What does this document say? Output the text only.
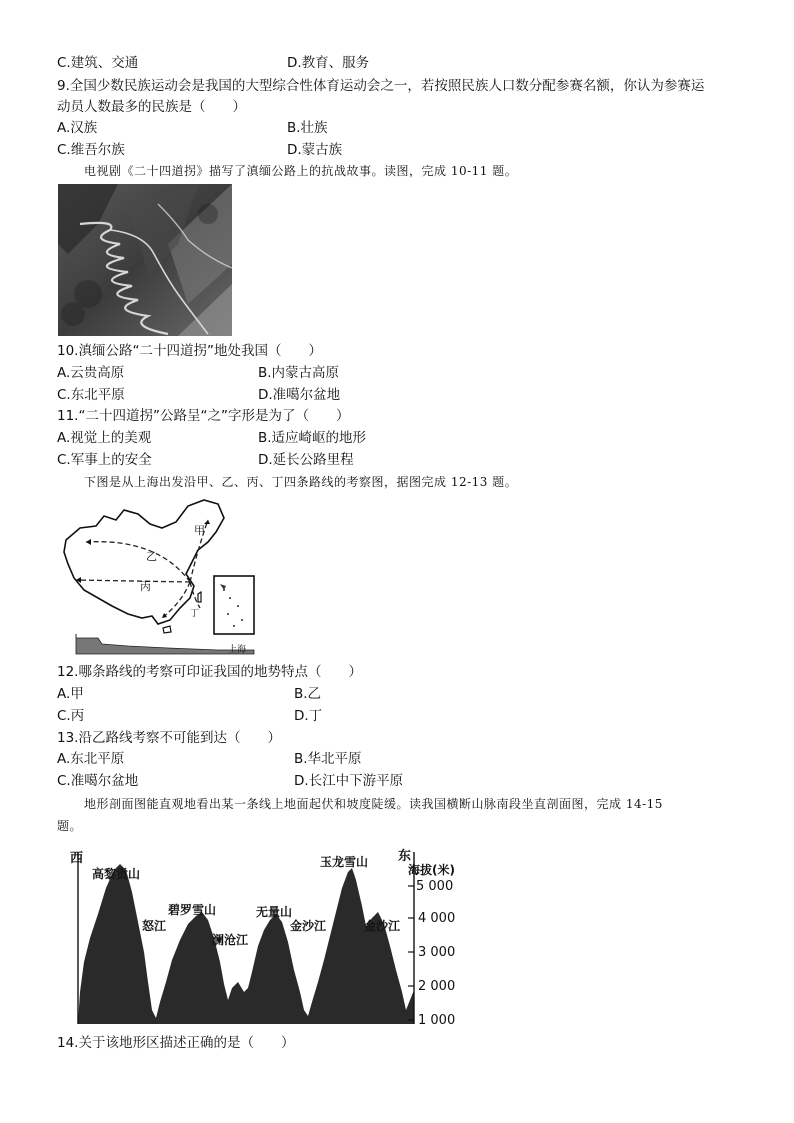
C.建筑、交通	D.教育、服务
9.全国少数民族运动会是我国的大型综合性体育运动会之一，若按照民族人口数分配参赛名额，你认为参赛运
动员人数最多的民族是（　　）
A.汉族	B.壮族
C.维吾尔族	D.蒙古族
电视剧《二十四道拐》描写了滇缅公路上的抗战故事。读图，完成 10-11 题。
10.滇缅公路“二十四道拐”地处我国（　　）
A.云贵高原	B.内蒙古高原
C.东北平原	D.准噶尔盆地
11.“二十四道拐”公路呈“之”字形是为了（　　）
A.视觉上的美观	B.适应崎岖的地形
C.军事上的安全	D.延长公路里程
下图是从上海出发沿甲、乙、丙、丁四条路线的考察图，据图完成 12-13 题。
甲
乙
丙
丁
上海
12.哪条路线的考察可印证我国的地势特点（　　）
A.甲	B.乙
C.丙	D.丁
13.沿乙路线考察不可能到达（　　）
A.东北平原	B.华北平原
C.准噶尔盆地	D.长江中下游平原
地形剖面图能直观地看出某一条线上地面起伏和坡度陡缓。读我国横断山脉南段坐直剖面图，完成 14-15
题。
5 000
4 000
3 000
2 000
1 000
西	东
海拔(米)
高黎贡山
碧罗雪山	无量山
玉龙雪山
怒江
澜沧江
金沙江	金沙江
14.关于该地形区描述正确的是（　　）
